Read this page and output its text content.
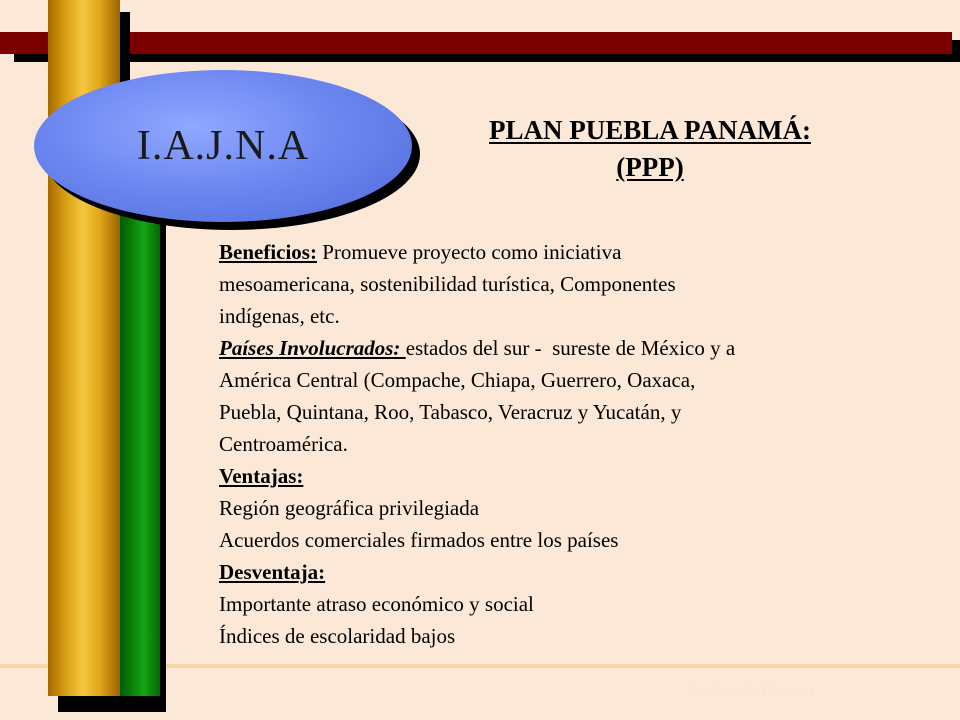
I.A.J.N.A	PLAN PUEBLA PANAMÁ:
(PPP)

Beneficios: Promueve proyecto como iniciativa

mesoamericana, sostenibilidad turística, Componentes

indígenas, etc.

Países Involucrados: estados del sur -  sureste de México y a

América Central (Compache, Chiapa, Guerrero, Oaxaca,

Puebla, Quintana, Roo, Tabasco, Veracruz y Yucatán, y

Centroamérica.

Ventajas:

Región geográfica privilegiada

Acuerdos comerciales firmados entre los países

Desventaja:

Importante atraso económico y social

Índices de escolaridad bajos

Coordinación Educativa
